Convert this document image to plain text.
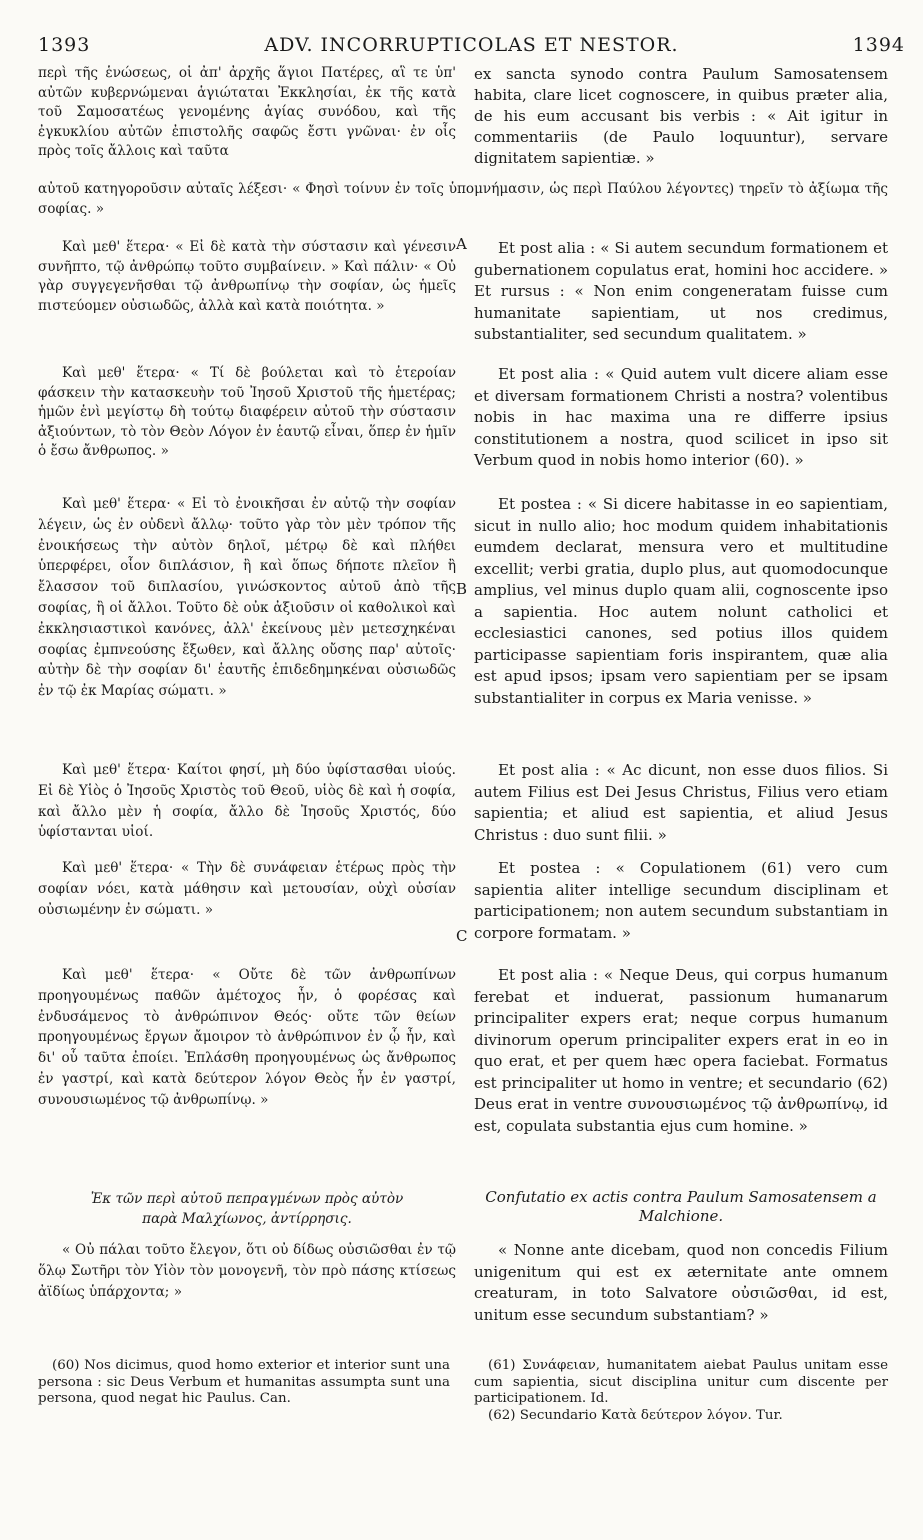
1393	ADV. INCORRUPTICOLAS ET NESTOR.	1394

περὶ τῆς ἑνώσεως, οἱ ἀπ' ἀρχῆς ἅγιοι Πατέρες, αἳ τε ὑπ' αὐτῶν κυβερνώμεναι ἁγιώταται Ἐκκλησίαι, ἐκ τῆς κατὰ τοῦ Σαμοσατέως γενομένης ἁγίας συνόδου, καὶ τῆς ἐγκυκλίου αὐτῶν ἐπιστολῆς σαφῶς ἔστι γνῶναι· ἐν οἷς πρὸς τοῖς ἄλλοις καὶ ταῦτα

ex sancta synodo contra Paulum Samosatensem habita, clare licet cognoscere, in quibus præter alia, de his eum accusant bis verbis : « Ait igitur in commentariis (de Paulo loquuntur), servare dignitatem sapientiæ. »

αὐτοῦ κατηγοροῦσιν αὐταῖς λέξεσι· « Φησὶ τοίνυν ἐν τοῖς ὑπομνήμασιν, ὡς περὶ Παύλου λέγοντες) τηρεῖν τὸ ἀξίωμα τῆς σοφίας. »

A
B
C

Καὶ μεθ' ἕτερα· « Εἰ δὲ κατὰ τὴν σύστασιν καὶ γένεσιν συνῆπτο, τῷ ἀνθρώπῳ τοῦτο συμβαίνειν. » Καὶ πάλιν· « Οὐ γὰρ συγγεγενῆσθαι τῷ ἀνθρωπίνῳ τὴν σοφίαν, ὡς ἡμεῖς πιστεύομεν οὐσιωδῶς, ἀλλὰ καὶ κατὰ ποιότητα. »

Et post alia : « Si autem secundum formationem et gubernationem copulatus erat, homini hoc accidere. » Et rursus : « Non enim congeneratam fuisse cum humanitate sapientiam, ut nos credimus, substantialiter, sed secundum qualitatem. »

Καὶ μεθ' ἕτερα· « Τί δὲ βούλεται καὶ τὸ ἑτεροίαν φάσκειν τὴν κατασκευὴν τοῦ Ἰησοῦ Χριστοῦ τῆς ἡμετέρας; ἡμῶν ἑνὶ μεγίστῳ δὴ τούτῳ διαφέρειν αὐτοῦ τὴν σύστασιν ἀξιούντων, τὸ τὸν Θεὸν Λόγον ἐν ἑαυτῷ εἶναι, ὅπερ ἐν ἡμῖν ὁ ἔσω ἄνθρωπος. »

Et post alia : « Quid autem vult dicere aliam esse et diversam formationem Christi a nostra? volentibus nobis in hac maxima una re differre ipsius constitutionem a nostra, quod scilicet in ipso sit Verbum quod in nobis homo interior (60). »

Καὶ μεθ' ἕτερα· « Εἰ τὸ ἐνοικῆσαι ἐν αὐτῷ τὴν σοφίαν λέγειν, ὡς ἐν οὐδενὶ ἄλλῳ· τοῦτο γὰρ τὸν μὲν τρόπον τῆς ἐνοικήσεως τὴν αὐτὸν δηλοῖ, μέτρῳ δὲ καὶ πλήθει ὑπερφέρει, οἷον διπλάσιον, ἢ καὶ ὅπως δήποτε πλεῖον ἢ ἔλασσον τοῦ διπλασίου, γινώσκοντος αὐτοῦ ἀπὸ τῆς σοφίας, ἢ οἱ ἄλλοι. Τοῦτο δὲ οὐκ ἀξιοῦσιν οἱ καθολικοὶ καὶ ἐκκλησιαστικοὶ κανόνες, ἀλλ' ἐκείνους μὲν μετεσχηκέναι σοφίας ἐμπνεούσης ἔξωθεν, καὶ ἄλλης οὔσης παρ' αὐτοῖς· αὐτὴν δὲ τὴν σοφίαν δι' ἑαυτῆς ἐπιδεδημηκέναι οὐσιωδῶς ἐν τῷ ἐκ Μαρίας σώματι. »

Et postea : « Si dicere habitasse in eo sapientiam, sicut in nullo alio; hoc modum quidem inhabitationis eumdem declarat, mensura vero et multitudine excellit; verbi gratia, duplo plus, aut quomodocunque amplius, vel minus duplo quam alii, cognoscente ipso a sapientia. Hoc autem nolunt catholici et ecclesiastici canones, sed potius illos quidem participasse sapientiam foris inspirantem, quæ alia est apud ipsos; ipsam vero sapientiam per se ipsam substantialiter in corpus ex Maria venisse. »

Καὶ μεθ' ἕτερα· Καίτοι φησί, μὴ δύο ὑφίστασθαι υἱούς. Εἰ δὲ Υἱὸς ὁ Ἰησοῦς Χριστὸς τοῦ Θεοῦ, υἱὸς δὲ καὶ ἡ σοφία, καὶ ἄλλο μὲν ἡ σοφία, ἄλλο δὲ Ἰησοῦς Χριστός, δύο ὑφίστανται υἱοί.

Et post alia : « Ac dicunt, non esse duos filios. Si autem Filius est Dei Jesus Christus, Filius vero etiam sapientia; et aliud est sapientia, et aliud Jesus Christus : duo sunt filii. »

Καὶ μεθ' ἕτερα· « Τὴν δὲ συνάφειαν ἑτέρως πρὸς τὴν σοφίαν νόει, κατὰ μάθησιν καὶ μετουσίαν, οὐχὶ οὐσίαν οὐσιωμένην ἐν σώματι. »

Et postea : « Copulationem (61) vero cum sapientia aliter intellige secundum disciplinam et participationem; non autem secundum substantiam in corpore formatam. »

Καὶ μεθ' ἕτερα· « Οὔτε δὲ τῶν ἀνθρωπίνων προηγουμένως παθῶν ἀμέτοχος ἦν, ὁ φορέσας καὶ ἐνδυσάμενος τὸ ἀνθρώπινον Θεός· οὔτε τῶν θείων προηγουμένως ἔργων ἄμοιρον τὸ ἀνθρώπινον ἐν ᾧ ἦν, καὶ δι' οὗ ταῦτα ἐποίει. Ἐπλάσθη προηγουμένως ὡς ἄνθρωπος ἐν γαστρί, καὶ κατὰ δεύτερον λόγον Θεὸς ἦν ἐν γαστρί, συνουσιωμένος τῷ ἀνθρωπίνῳ. »

Et post alia : « Neque Deus, qui corpus humanum ferebat et induerat, passionum humanarum principaliter expers erat; neque corpus humanum divinorum operum principaliter expers erat in eo in quo erat, et per quem hæc opera faciebat. Formatus est principaliter ut homo in ventre; et secundario (62) Deus erat in ventre συνουσιωμένος τῷ ἀνθρωπίνῳ, id est, copulata substantia ejus cum homine. »

Ἐκ τῶν περὶ αὐτοῦ πεπραγμένων πρὸς αὐτὸν παρὰ Μαλχίωνος, ἀντίρρησις.

Confutatio ex actis contra Paulum Samosatensem a Malchione.

« Οὐ πάλαι τοῦτο ἔλεγον, ὅτι οὐ δίδως οὐσιῶσθαι ἐν τῷ ὅλῳ Σωτῆρι τὸν Υἱὸν τὸν μονογενῆ, τὸν πρὸ πάσης κτίσεως ἀϊδίως ὑπάρχοντα; »

« Nonne ante dicebam, quod non concedis Filium unigenitum qui est ex æternitate ante omnem creaturam, in toto Salvatore οὐσιῶσθαι, id est, unitum esse secundum substantiam? »

(60) Nos dicimus, quod homo exterior et interior sunt una persona : sic Deus Verbum et humanitas assumpta sunt una persona, quod negat hic Paulus. Can.

(61) Συνάφειαν, humanitatem aiebat Paulus unitam esse cum sapientia, sicut disciplina unitur cum discente per participationem. Id.

(62) Secundario Κατὰ δεύτερον λόγον. Tur.
